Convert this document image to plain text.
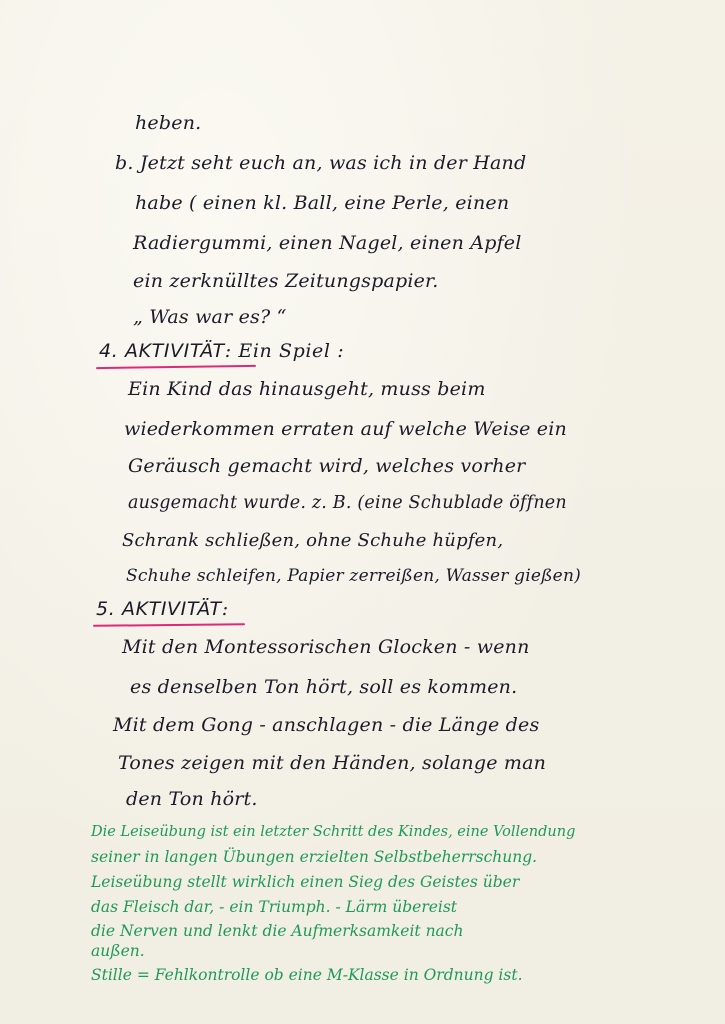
heben.
b. Jetzt seht euch an, was ich in der Hand
habe ( einen kl. Ball, eine Perle, einen
Radiergummi, einen Nagel, einen Apfel
ein zerknülltes Zeitungspapier.
„ Was war es? “
4. AKTIVITÄT: Ein Spiel :
Ein Kind das hinausgeht, muss beim
wiederkommen erraten auf welche Weise ein
Geräusch gemacht wird, welches vorher
ausgemacht wurde. z. B. (eine Schublade öffnen
Schrank schließen, ohne Schuhe hüpfen,
Schuhe schleifen, Papier zerreißen, Wasser gießen)
5. AKTIVITÄT:
Mit den Montessorischen Glocken - wenn
es denselben Ton hört, soll es kommen.
Mit dem Gong - anschlagen - die Länge des
Tones zeigen mit den Händen, solange man
den Ton hört.
Die Leiseübung ist ein letzter Schritt des Kindes, eine Vollendung
seiner in langen Übungen erzielten Selbstbeherrschung.
Leiseübung stellt wirklich einen Sieg des Geistes über
das Fleisch dar, - ein Triumph. - Lärm übereist
die Nerven und lenkt die Aufmerksamkeit nach
außen.
Stille = Fehlkontrolle ob eine M-Klasse in Ordnung ist.
